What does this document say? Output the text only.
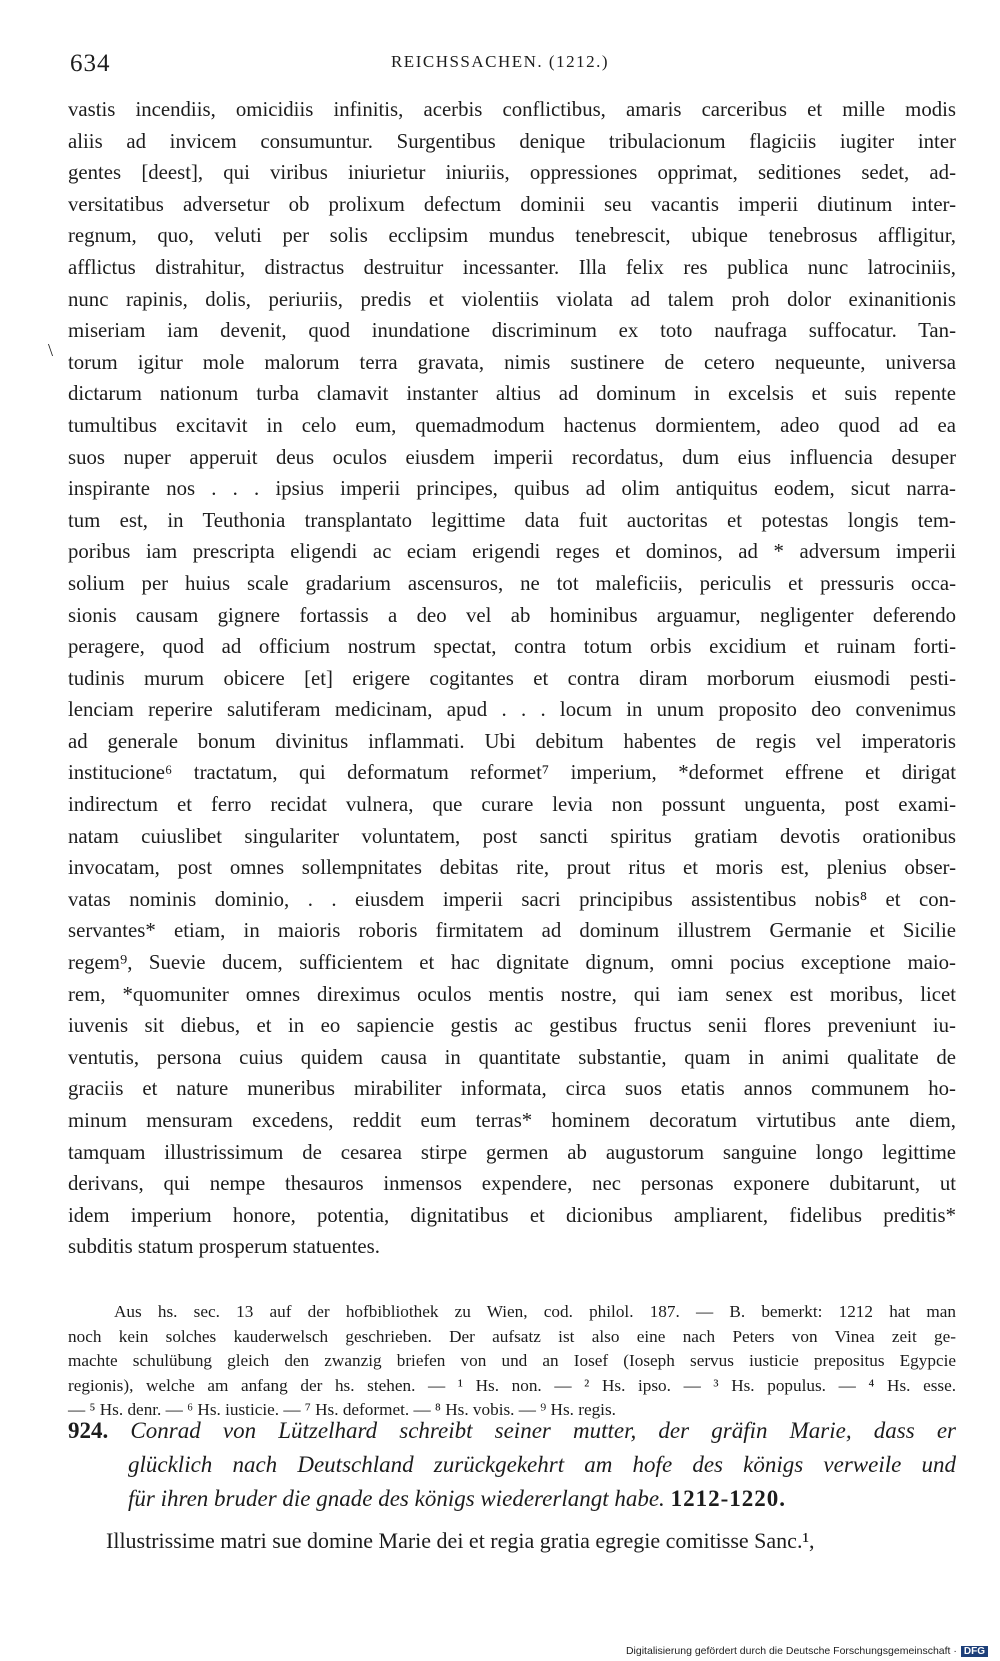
634	REICHSSACHEN. (1212.)
\
vastis incendiis, omicidiis infinitis, acerbis conflictibus, amaris carceribus et mille modis
aliis ad invicem consumuntur. Surgentibus denique tribulacionum flagiciis iugiter inter
gentes [deest], qui viribus iniurietur iniuriis, oppressiones opprimat, seditiones sedet, ad-
versitatibus adversetur ob prolixum defectum dominii seu vacantis imperii diutinum inter-
regnum, quo, veluti per solis ecclipsim mundus tenebrescit, ubique tenebrosus affligitur,
afflictus distrahitur, distractus destruitur incessanter. Illa felix res publica nunc latrociniis,
nunc rapinis, dolis, periuriis, predis et violentiis violata ad talem proh dolor exinanitionis
miseriam iam devenit, quod inundatione discriminum ex toto naufraga suffocatur. Tan-
torum igitur mole malorum terra gravata, nimis sustinere de cetero nequeunte, universa
dictarum nationum turba clamavit instanter altius ad dominum in excelsis et suis repente
tumultibus excitavit in celo eum, quemadmodum hactenus dormientem, adeo quod ad ea
suos nuper apperuit deus oculos eiusdem imperii recordatus, dum eius influencia desuper
inspirante nos . . . ipsius imperii principes, quibus ad olim antiquitus eodem, sicut narra-
tum est, in Teuthonia transplantato legittime data fuit auctoritas et potestas longis tem-
poribus iam prescripta eligendi ac eciam erigendi reges et dominos, ad * adversum imperii
solium per huius scale gradarium ascensuros, ne tot maleficiis, periculis et pressuris occa-
sionis causam gignere fortassis a deo vel ab hominibus arguamur, negligenter deferendo
peragere, quod ad officium nostrum spectat, contra totum orbis excidium et ruinam forti-
tudinis murum obicere [et] erigere cogitantes et contra diram morborum eiusmodi pesti-
lenciam reperire salutiferam medicinam, apud . . . locum in unum proposito deo convenimus
ad generale bonum divinitus inflammati. Ubi debitum habentes de regis vel imperatoris
institucione⁶ tractatum, qui deformatum reformet⁷ imperium, *deformet effrene et dirigat
indirectum et ferro recidat vulnera, que curare levia non possunt unguenta, post exami-
natam cuiuslibet singulariter voluntatem, post sancti spiritus gratiam devotis orationibus
invocatam, post omnes sollempnitates debitas rite, prout ritus et moris est, plenius obser-
vatas nominis dominio, . . eiusdem imperii sacri principibus assistentibus nobis⁸ et con-
servantes* etiam, in maioris roboris firmitatem ad dominum illustrem Germanie et Sicilie
regem⁹, Suevie ducem, sufficientem et hac dignitate dignum, omni pocius exceptione maio-
rem, *quomuniter omnes direximus oculos mentis nostre, qui iam senex est moribus, licet
iuvenis sit diebus, et in eo sapiencie gestis ac gestibus fructus senii flores preveniunt iu-
ventutis, persona cuius quidem causa in quantitate substantie, quam in animi qualitate de
graciis et nature muneribus mirabiliter informata, circa suos etatis annos communem ho-
minum mensuram excedens, reddit eum terras* hominem decoratum virtutibus ante diem,
tamquam illustrissimum de cesarea stirpe germen ab augustorum sanguine longo legittime
derivans, qui nempe thesauros inmensos expendere, nec personas exponere dubitarunt, ut
idem imperium honore, potentia, dignitatibus et dicionibus ampliarent, fidelibus preditis*
subditis statum prosperum statuentes.
Aus hs. sec. 13 auf der hofbibliothek zu Wien, cod. philol. 187. — B. bemerkt: 1212 hat man
noch kein solches kauderwelsch geschrieben. Der aufsatz ist also eine nach Peters von Vinea zeit ge-
machte schulübung gleich den zwanzig briefen von und an Iosef (Ioseph servus iusticie prepositus Egypcie
regionis), welche am anfang der hs. stehen. — ¹ Hs. non. — ² Hs. ipso. — ³ Hs. populus. — ⁴ Hs. esse.
— ⁵ Hs. denr. — ⁶ Hs. iusticie. — ⁷ Hs. deformet. — ⁸ Hs. vobis. — ⁹ Hs. regis.
924. Conrad von Lützelhard schreibt seiner mutter, der gräfin Marie, dass er
glücklich nach Deutschland zurückgekehrt am hofe des königs verweile und
für ihren bruder die gnade des königs wiedererlangt habe. 1212-1220.
Illustrissime matri sue domine Marie dei et regia gratia egregie comitisse Sanc.¹,
Digitalisierung gefördert durch die Deutsche Forschungsgemeinschaft · DFG
